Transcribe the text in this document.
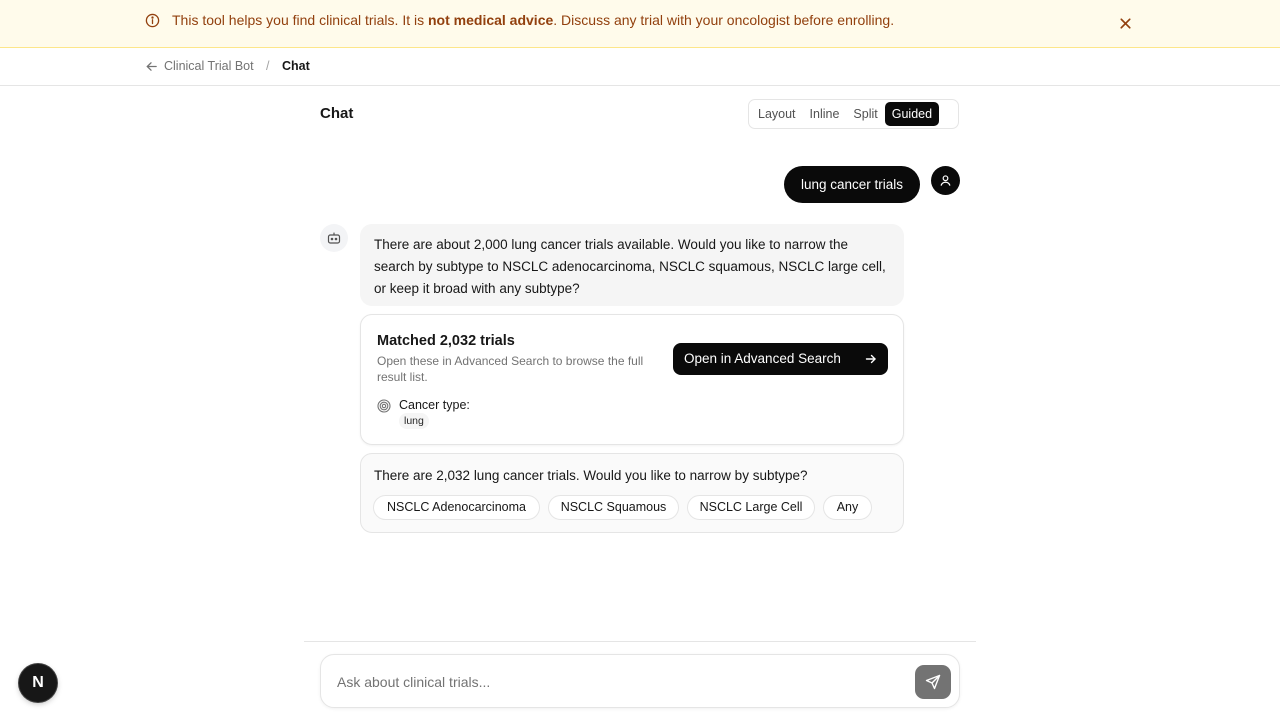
This tool helps you find clinical trials. It is not medical advice. Discuss any trial with your oncologist before enrolling.
Clinical Trial Bot / Chat
Chat	Layout	Inline	Split	Guided
lung cancer trials
There are about 2,000 lung cancer trials available. Would you like to narrow the search by subtype to NSCLC adenocarcinoma, NSCLC squamous, NSCLC large cell, or keep it broad with any subtype?
Matched 2,032 trials
Open these in Advanced Search to browse the full result list.
Open in Advanced Search
Cancer type:
lung
There are 2,032 lung cancer trials. Would you like to narrow by subtype?
NSCLC Adenocarcinoma	NSCLC Squamous	NSCLC Large Cell	Any
Ask about clinical trials...
N
